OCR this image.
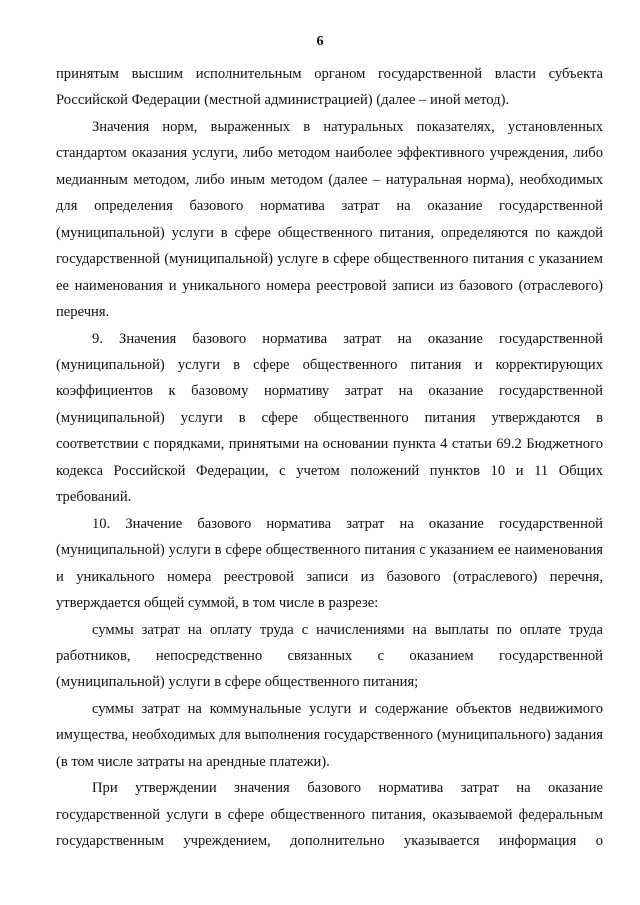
6

принятым высшим исполнительным органом государственной власти субъекта Российской Федерации (местной администрацией) (далее – иной метод).

Значения норм, выраженных в натуральных показателях, установленных стандартом оказания услуги, либо методом наиболее эффективного учреждения, либо медианным методом, либо иным методом (далее – натуральная норма), необходимых для определения базового норматива затрат на оказание государственной (муниципальной) услуги в сфере общественного питания, определяются по каждой государственной (муниципальной) услуге в сфере общественного питания с указанием ее наименования и уникального номера реестровой записи из базового (отраслевого) перечня.

9. Значения базового норматива затрат на оказание государственной (муниципальной) услуги в сфере общественного питания и корректирующих коэффициентов к базовому нормативу затрат на оказание государственной (муниципальной) услуги в сфере общественного питания утверждаются в соответствии с порядками, принятыми на основании пункта 4 статьи 69.2 Бюджетного кодекса Российской Федерации, с учетом положений пунктов 10 и 11 Общих требований.

10. Значение базового норматива затрат на оказание государственной (муниципальной) услуги в сфере общественного питания с указанием ее наименования и уникального номера реестровой записи из базового (отраслевого) перечня, утверждается общей суммой, в том числе в разрезе:

суммы затрат на оплату труда с начислениями на выплаты по оплате труда работников, непосредственно связанных с оказанием государственной (муниципальной) услуги в сфере общественного питания;

суммы затрат на коммунальные услуги и содержание объектов недвижимого имущества, необходимых для выполнения государственного (муниципального) задания (в том числе затраты на арендные платежи).

При утверждении значения базового норматива затрат на оказание государственной услуги в сфере общественного питания, оказываемой федеральным государственным учреждением, дополнительно указывается информация о
